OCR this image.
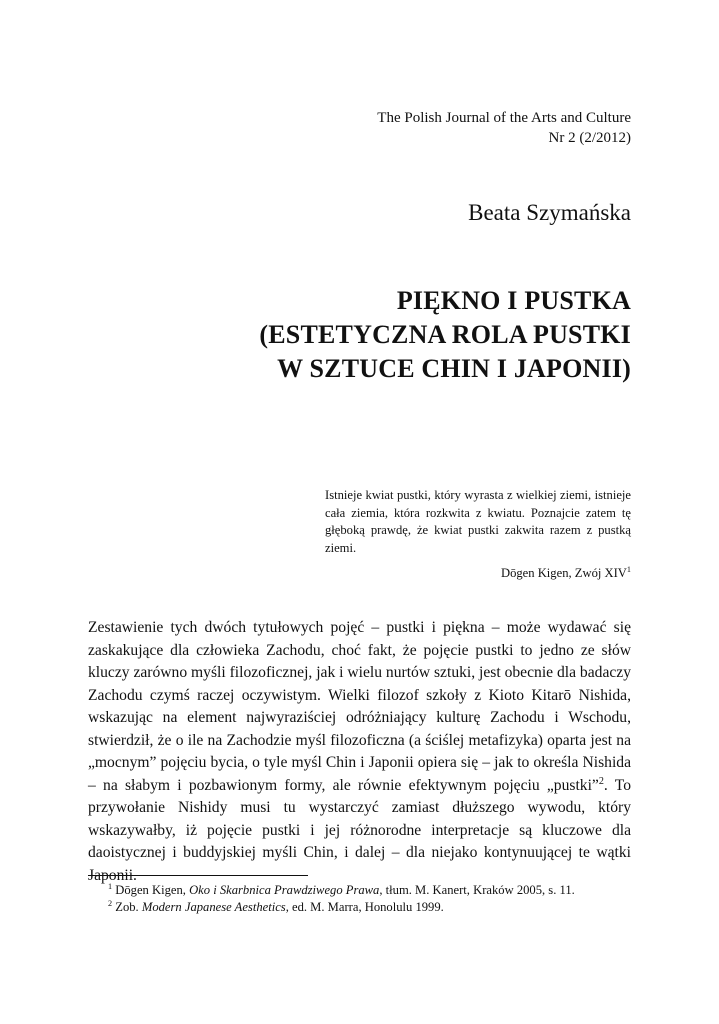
The Polish Journal of the Arts and Culture
Nr 2 (2/2012)
Beata Szymańska
PIĘKNO I PUSTKA
(ESTETYCZNA ROLA PUSTKI
W SZTUCE CHIN I JAPONII)
Istnieje kwiat pustki, który wyrasta z wielkiej ziemi, istnieje cała ziemia, która rozkwita z kwiatu. Poznajcie zatem tę głęboką prawdę, że kwiat pustki zakwita razem z pustką ziemi.
Dōgen Kigen, Zwój XIV$^1$

Zestawienie tych dwóch tytułowych pojęć – pustki i piękna – może wydawać się zaskakujące dla człowieka Zachodu, choć fakt, że pojęcie pustki to jedno ze słów kluczy zarówno myśli filozoficznej, jak i wielu nurtów sztuki, jest obecnie dla badaczy Zachodu czymś raczej oczywistym. Wielki filozof szkoły z Kioto Kitarō Nishida, wskazując na element najwyraziściej odróżniający kulturę Zachodu i Wschodu, stwierdził, że o ile na Zachodzie myśl filozoficzna (a ściślej metafizyka) oparta jest na „mocnym” pojęciu bycia, o tyle myśl Chin i Japonii opiera się – jak to określa Nishida – na słabym i pozbawionym formy, ale równie efektywnym pojęciu „pustki”$^2$. To przywołanie Nishidy musi tu wystarczyć zamiast dłuższego wywodu, który wskazywałby, iż pojęcie pustki i jej różnorodne interpretacje są kluczowe dla daoistycznej i buddyjskiej myśli Chin, i dalej – dla niejako kontynuującej te wątki Japonii.

$^1$ Dōgen Kigen, Oko i Skarbnica Prawdziwego Prawa, tłum. M. Kanert, Kraków 2005, s. 11.

$^2$ Zob. Modern Japanese Aesthetics, ed. M. Marra, Honolulu 1999.
